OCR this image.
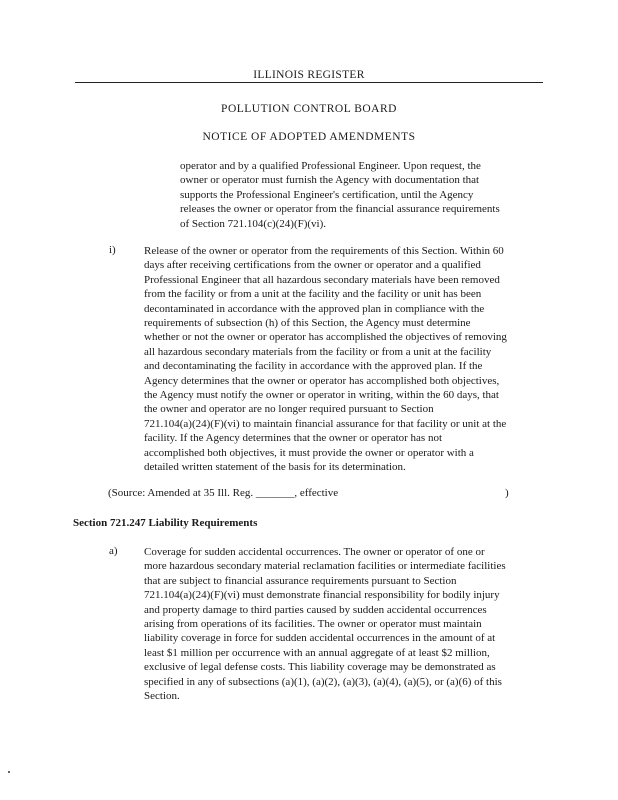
ILLINOIS REGISTER
POLLUTION CONTROL BOARD
NOTICE OF ADOPTED AMENDMENTS
operator and by a qualified Professional Engineer. Upon request, the
owner or operator must furnish the Agency with documentation that
supports the Professional Engineer's certification, until the Agency
releases the owner or operator from the financial assurance requirements
of Section 721.104(c)(24)(F)(vi).
i)	Release of the owner or operator from the requirements of this Section. Within 60
days after receiving certifications from the owner or operator and a qualified
Professional Engineer that all hazardous secondary materials have been removed
from the facility or from a unit at the facility and the facility or unit has been
decontaminated in accordance with the approved plan in compliance with the
requirements of subsection (h) of this Section, the Agency must determine
whether or not the owner or operator has accomplished the objectives of removing
all hazardous secondary materials from the facility or from a unit at the facility
and decontaminating the facility in accordance with the approved plan. If the
Agency determines that the owner or operator has accomplished both objectives,
the Agency must notify the owner or operator in writing, within the 60 days, that
the owner and operator are no longer required pursuant to Section
721.104(a)(24)(F)(vi) to maintain financial assurance for that facility or unit at the
facility. If the Agency determines that the owner or operator has not
accomplished both objectives, it must provide the owner or operator with a
detailed written statement of the basis for its determination.
(Source: Amended at 35 Ill. Reg. _______, effective	)
Section 721.247 Liability Requirements
a) Coverage for sudden accidental occurrences. The owner or operator of one or
more hazardous secondary material reclamation facilities or intermediate facilities
that are subject to financial assurance requirements pursuant to Section
721.104(a)(24)(F)(vi) must demonstrate financial responsibility for bodily injury
and property damage to third parties caused by sudden accidental occurrences
arising from operations of its facilities. The owner or operator must maintain
liability coverage in force for sudden accidental occurrences in the amount of at
least $1 million per occurrence with an annual aggregate of at least $2 million,
exclusive of legal defense costs. This liability coverage may be demonstrated as
specified in any of subsections (a)(1), (a)(2), (a)(3), (a)(4), (a)(5), or (a)(6) of this
Section.
